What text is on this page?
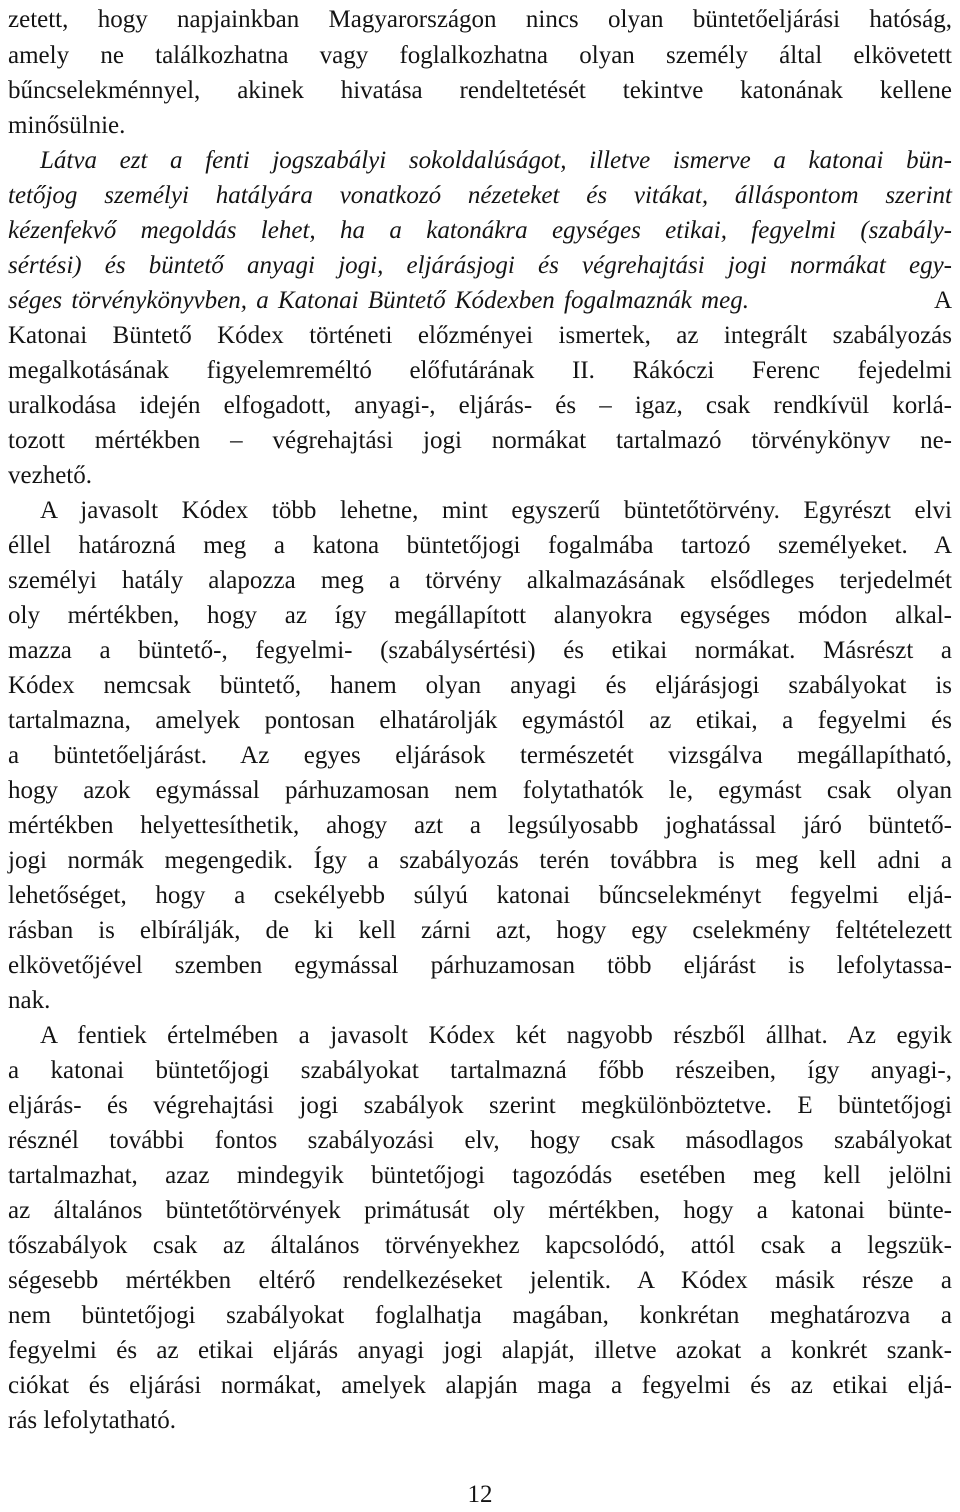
zetett, hogy napjainkban Magyarországon nincs olyan büntetőeljárási hatóság,
amely ne találkozhatna vagy foglalkozhatna olyan személy által elkövetett
bűncselekménnyel, akinek hivatása rendeltetését tekintve katonának kellene
minősülnie.
Látva ezt a fenti jogszabályi sokoldalúságot, illetve ismerve a katonai bün-
tetőjog személyi hatályára vonatkozó nézeteket és vitákat, álláspontom szerint
kézenfekvő megoldás lehet, ha a katonákra egységes etikai, fegyelmi (szabály-
sértési) és büntető anyagi jogi, eljárásjogi és végrehajtási jogi normákat egy-
séges törvénykönyvben, a Katonai Büntető Kódexben fogalmaznák meg.	A
Katonai Büntető Kódex történeti előzményei ismertek, az integrált szabályozás
megalkotásának figyelemreméltó előfutárának II. Rákóczi Ferenc fejedelmi
uralkodása idején elfogadott, anyagi-, eljárás- és – igaz, csak rendkívül korlá-
tozott mértékben – végrehajtási jogi normákat tartalmazó törvénykönyv ne-
vezhető.
A javasolt Kódex több lehetne, mint egyszerű büntetőtörvény. Egyrészt elvi
éllel határozná meg a katona büntetőjogi fogalmába tartozó személyeket. A
személyi hatály alapozza meg a törvény alkalmazásának elsődleges terjedelmét
oly mértékben, hogy az így megállapított alanyokra egységes módon alkal-
mazza a büntető-, fegyelmi- (szabálysértési) és etikai normákat. Másrészt a
Kódex nemcsak büntető, hanem olyan anyagi és eljárásjogi szabályokat is
tartalmazna, amelyek pontosan elhatárolják egymástól az etikai, a fegyelmi és
a büntetőeljárást. Az egyes eljárások természetét vizsgálva megállapítható,
hogy azok egymással párhuzamosan nem folytathatók le, egymást csak olyan
mértékben helyettesíthetik, ahogy azt a legsúlyosabb joghatással járó büntető-
jogi normák megengedik. Így a szabályozás terén továbbra is meg kell adni a
lehetőséget, hogy a csekélyebb súlyú katonai bűncselekményt fegyelmi eljá-
rásban is elbírálják, de ki kell zárni azt, hogy egy cselekmény feltételezett
elkövetőjével szemben egymással párhuzamosan több eljárást is lefolytassa-
nak.
A fentiek értelmében a javasolt Kódex két nagyobb részből állhat. Az egyik
a katonai büntetőjogi szabályokat tartalmazná főbb részeiben, így anyagi-,
eljárás- és végrehajtási jogi szabályok szerint megkülönböztetve. E büntetőjogi
résznél további fontos szabályozási elv, hogy csak másodlagos szabályokat
tartalmazhat, azaz mindegyik büntetőjogi tagozódás esetében meg kell jelölni
az általános büntetőtörvények primátusát oly mértékben, hogy a katonai bünte-
tőszabályok csak az általános törvényekhez kapcsolódó, attól csak a legszük-
ségesebb mértékben eltérő rendelkezéseket jelentik. A Kódex másik része a
nem büntetőjogi szabályokat foglalhatja magában, konkrétan meghatározva a
fegyelmi és az etikai eljárás anyagi jogi alapját, illetve azokat a konkrét szank-
ciókat és eljárási normákat, amelyek alapján maga a fegyelmi és az etikai eljá-
rás lefolytatható.
12
